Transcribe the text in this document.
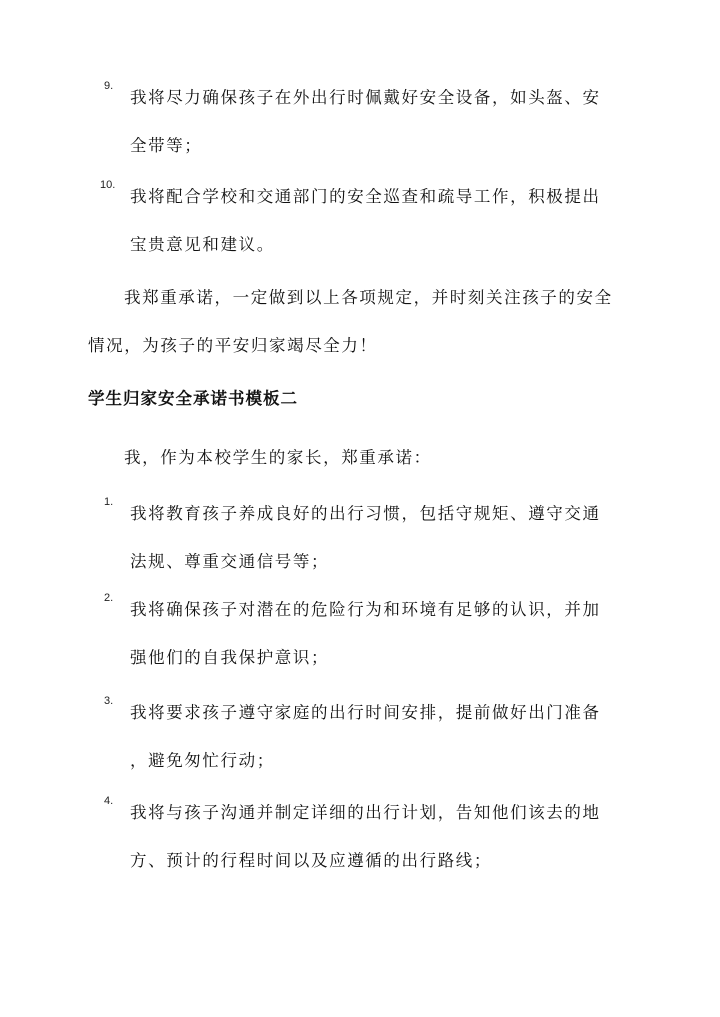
9.
我将尽力确保孩子在外出行时佩戴好安全设备，如头盔、安
全带等；
10.
我将配合学校和交通部门的安全巡查和疏导工作，积极提出
宝贵意见和建议。
我郑重承诺，一定做到以上各项规定，并时刻关注孩子的安全
情况，为孩子的平安归家竭尽全力！
学生归家安全承诺书模板二
我，作为本校学生的家长，郑重承诺：
1.
我将教育孩子养成良好的出行习惯，包括守规矩、遵守交通
法规、尊重交通信号等；
2.
我将确保孩子对潜在的危险行为和环境有足够的认识，并加
强他们的自我保护意识；
3.
我将要求孩子遵守家庭的出行时间安排，提前做好出门准备
，避免匆忙行动；
4.
我将与孩子沟通并制定详细的出行计划，告知他们该去的地
方、预计的行程时间以及应遵循的出行路线；
